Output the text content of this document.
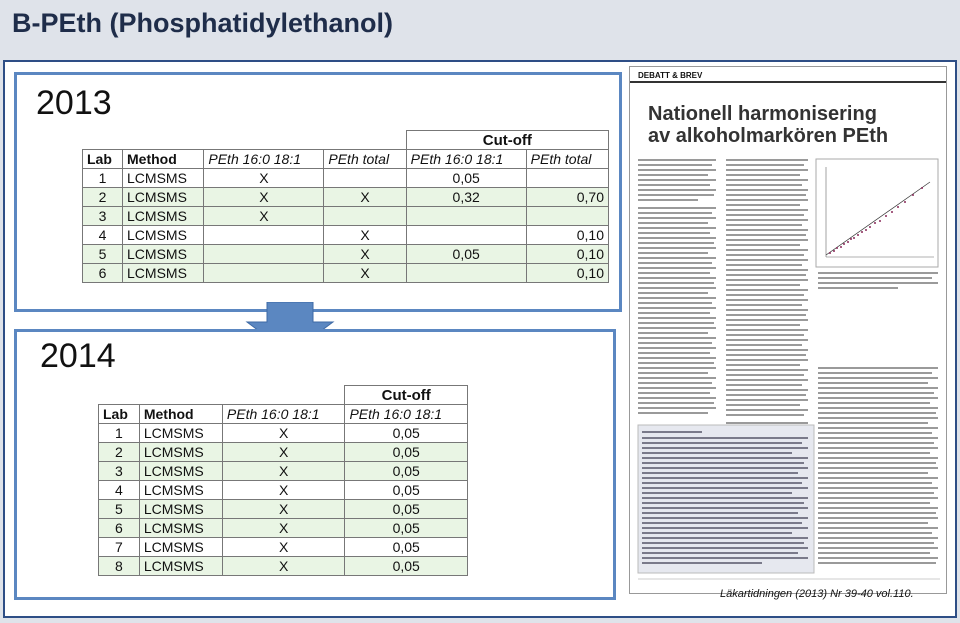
B-PEth (Phosphatidylethanol)
2013
				Cut-off	
Lab	Method	PEth 16:0 18:1	PEth total	PEth 16:0 18:1	PEth total
1	LCMSMS	X		0,05	
2	LCMSMS	X	X	0,32	0,70
3	LCMSMS	X			
4	LCMSMS		X		0,10
5	LCMSMS		X	0,05	0,10
6	LCMSMS		X		0,10
2014
			Cut-off
Lab	Method	PEth 16:0 18:1	PEth 16:0 18:1
1	LCMSMS	X	0,05
2	LCMSMS	X	0,05
3	LCMSMS	X	0,05
4	LCMSMS	X	0,05
5	LCMSMS	X	0,05
6	LCMSMS	X	0,05
7	LCMSMS	X	0,05
8	LCMSMS	X	0,05
DEBATT & BREV
Nationell harmonisering
av alkoholmarkören PEth
Läkartidningen (2013) Nr 39-40 vol.110.
